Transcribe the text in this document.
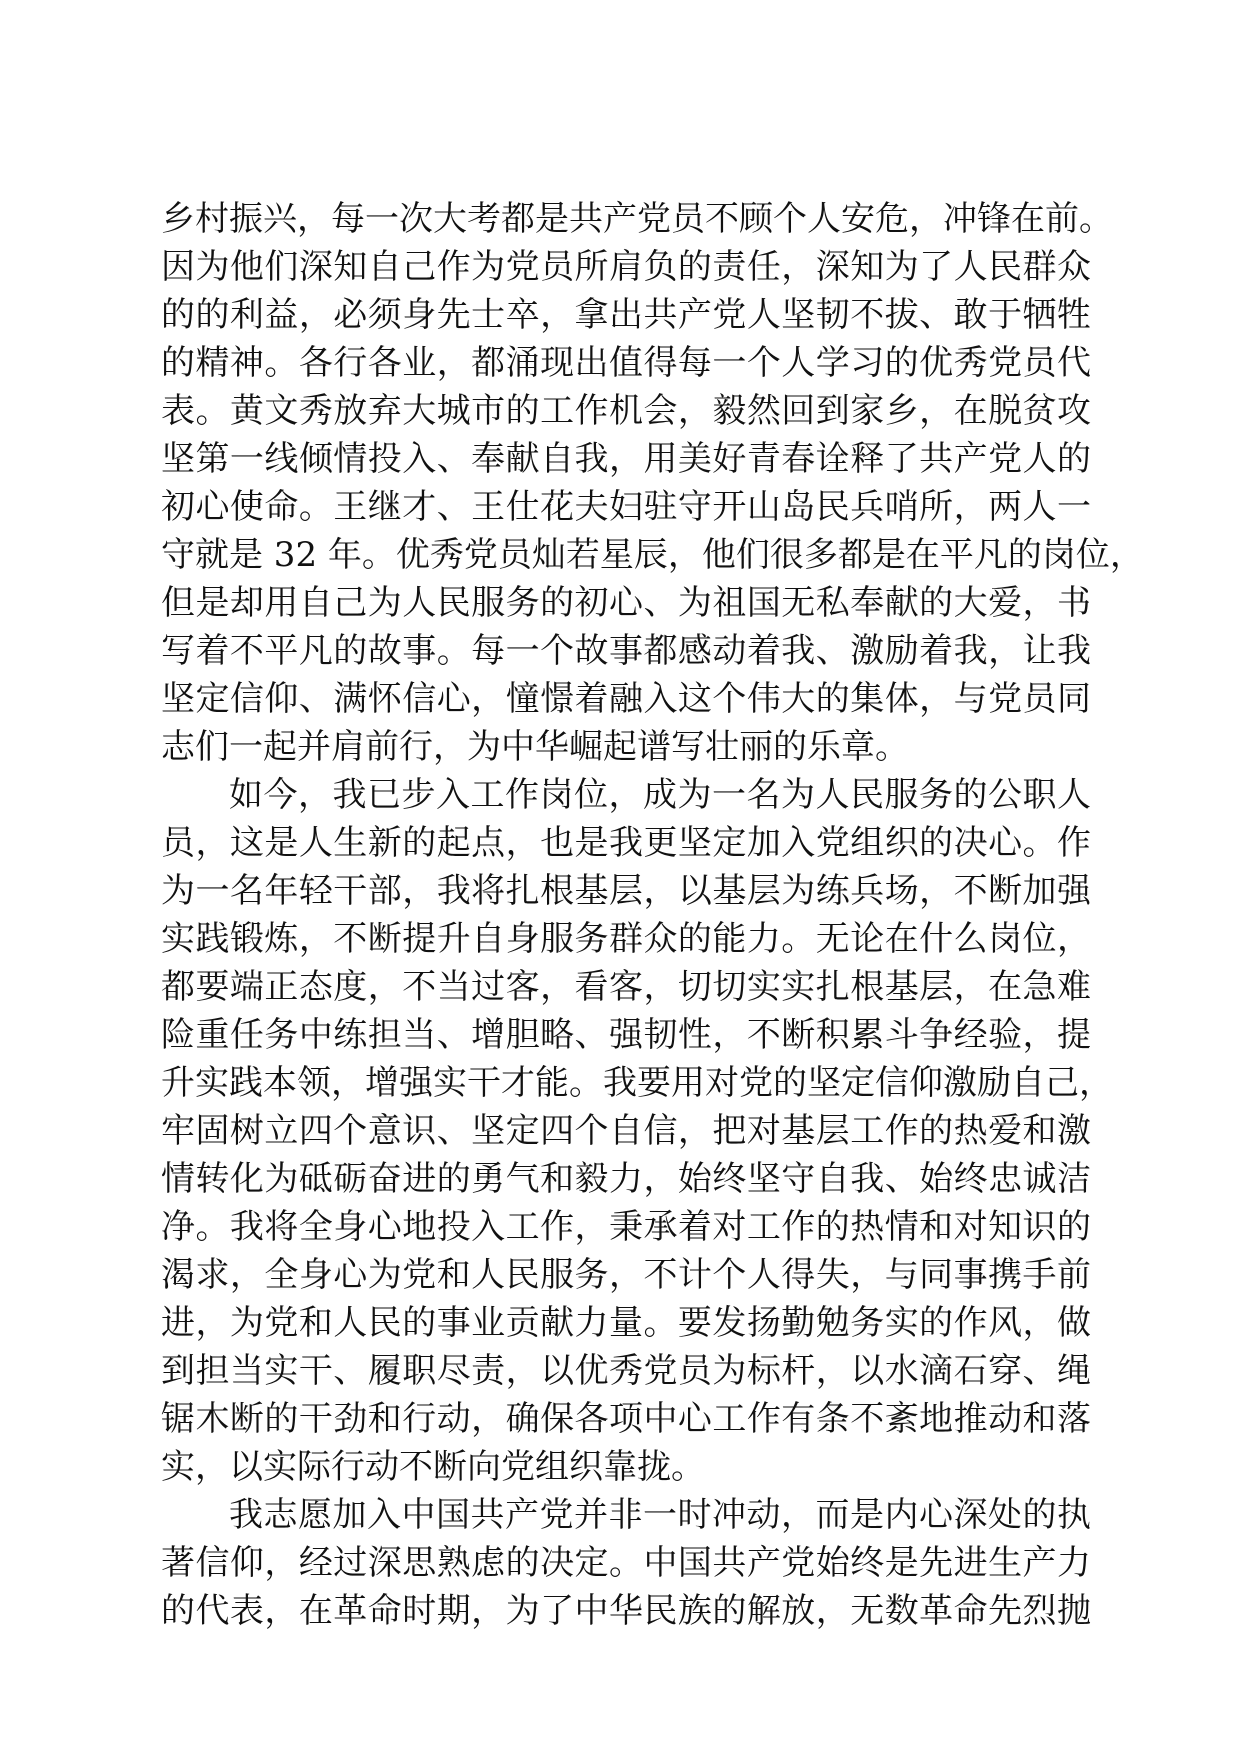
乡村振兴，每一次大考都是共产党员不顾个人安危，冲锋在前。
因为他们深知自己作为党员所肩负的责任，深知为了人民群众
的的利益，必须身先士卒，拿出共产党人坚韧不拔、敢于牺牲
的精神。各行各业，都涌现出值得每一个人学习的优秀党员代
表。黄文秀放弃大城市的工作机会，毅然回到家乡，在脱贫攻
坚第一线倾情投入、奉献自我，用美好青春诠释了共产党人的
初心使命。王继才、王仕花夫妇驻守开山岛民兵哨所，两人一
守就是 32 年。优秀党员灿若星辰，他们很多都是在平凡的岗位，
但是却用自己为人民服务的初心、为祖国无私奉献的大爱，书
写着不平凡的故事。每一个故事都感动着我、激励着我，让我
坚定信仰、满怀信心，憧憬着融入这个伟大的集体，与党员同
志们一起并肩前行，为中华崛起谱写壮丽的乐章。
如今，我已步入工作岗位，成为一名为人民服务的公职人
员，这是人生新的起点，也是我更坚定加入党组织的决心。作
为一名年轻干部，我将扎根基层，以基层为练兵场，不断加强
实践锻炼，不断提升自身服务群众的能力。无论在什么岗位，
都要端正态度，不当过客，看客，切切实实扎根基层，在急难
险重任务中练担当、增胆略、强韧性，不断积累斗争经验，提
升实践本领，增强实干才能。我要用对党的坚定信仰激励自己，
牢固树立四个意识、坚定四个自信，把对基层工作的热爱和激
情转化为砥砺奋进的勇气和毅力，始终坚守自我、始终忠诚洁
净。我将全身心地投入工作，秉承着对工作的热情和对知识的
渴求，全身心为党和人民服务，不计个人得失，与同事携手前
进，为党和人民的事业贡献力量。要发扬勤勉务实的作风，做
到担当实干、履职尽责，以优秀党员为标杆，以水滴石穿、绳
锯木断的干劲和行动，确保各项中心工作有条不紊地推动和落
实，以实际行动不断向党组织靠拢。
我志愿加入中国共产党并非一时冲动，而是内心深处的执
著信仰，经过深思熟虑的决定。中国共产党始终是先进生产力
的代表，在革命时期，为了中华民族的解放，无数革命先烈抛
